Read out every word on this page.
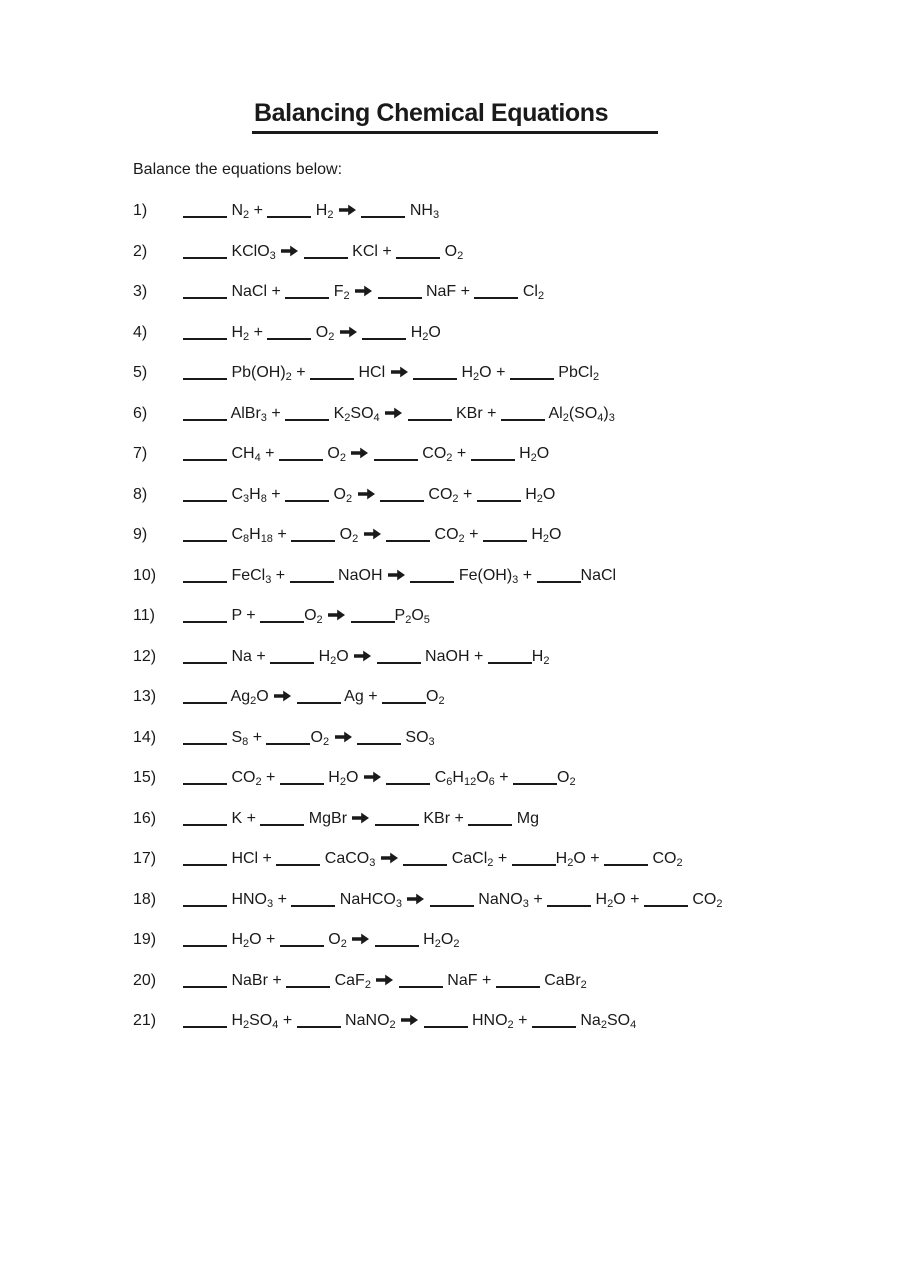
Balancing Chemical Equations

Balance the equations below:

1)	$N_2$ +	$H_2$	$NH_3$
2)	KClO$_3$	KCl +	$O_2$
3)	NaCl +	$F_2$	NaF +	$Cl_2$
4)	$H_2$ +	$O_2$	$H_2O$
5)	$Pb(OH)_2$ +	HCl	$H_2O$ +	PbCl$_2$
6)	AlBr$_3$ +	$K_2SO_4$	KBr +	$Al_2(SO_4)_3$
7)	$CH_4$ +	$O_2$	$CO_2$ +	$H_2O$
8)	$C_3H_8$ +	$O_2$	$CO_2$ +	$H_2O$
9)	$C_8H_{18}$ +	$O_2$	$CO_2$ +	$H_2O$
10)	FeCl$_3$ +	NaOH	$Fe(OH)_3$ +	NaCl
11)	P +	$O_2$	$P_2O_5$
12)	Na +	$H_2O$	NaOH +	$H_2$
13)	$Ag_2O$	Ag +	$O_2$
14)	$S_8$ +	$O_2$	$SO_3$
15)	$CO_2$ +	$H_2O$	$C_6H_{12}O_6$ +	$O_2$
16)	K +	MgBr	KBr +	Mg
17)	HCl +	CaCO$_3$	CaCl$_2$ +	$H_2O$ +	$CO_2$
18)	$HNO_3$ +	NaHCO$_3$	NaNO$_3$ +	$H_2O$ +	$CO_2$
19)	$H_2O$ +	$O_2$	$H_2O_2$
20)	NaBr +	CaF$_2$	NaF +	CaBr$_2$
21)	$H_2SO_4$ +	NaNO$_2$	$HNO_2$ +	$Na_2SO_4$
